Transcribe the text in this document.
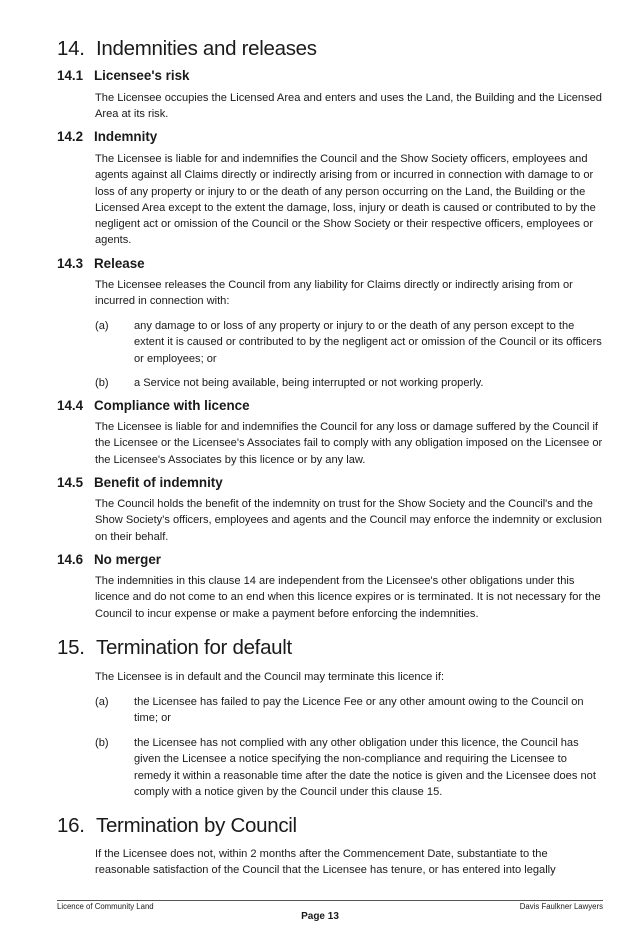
14. Indemnities and releases
14.1 Licensee's risk

The Licensee occupies the Licensed Area and enters and uses the Land, the Building and the Licensed Area at its risk.

14.2 Indemnity

The Licensee is liable for and indemnifies the Council and the Show Society officers, employees and agents against all Claims directly or indirectly arising from or incurred in connection with damage to or loss of any property or injury to or the death of any person occurring on the Land, the Building or the Licensed Area except to the extent the damage, loss, injury or death is caused or contributed to by the negligent act or omission of the Council or the Show Society or their respective officers, employees or agents.

14.3 Release

The Licensee releases the Council from any liability for Claims directly or indirectly arising from or incurred in connection with:

(a) any damage to or loss of any property or injury to or the death of any person except to the extent it is caused or contributed to by the negligent act or omission of the Council or its officers or employees; or
(b) a Service not being available, being interrupted or not working properly.
14.4 Compliance with licence

The Licensee is liable for and indemnifies the Council for any loss or damage suffered by the Council if the Licensee or the Licensee's Associates fail to comply with any obligation imposed on the Licensee or the Licensee's Associates by this licence or by any law.

14.5 Benefit of indemnity

The Council holds the benefit of the indemnity on trust for the Show Society and the Council's and the Show Society's officers, employees and agents and the Council may enforce the indemnity or exclusion on their behalf.

14.6 No merger

The indemnities in this clause 14 are independent from the Licensee's other obligations under this licence and do not come to an end when this licence expires or is terminated. It is not necessary for the Council to incur expense or make a payment before enforcing the indemnities.

15. Termination for default

The Licensee is in default and the Council may terminate this licence if:

(a) the Licensee has failed to pay the Licence Fee or any other amount owing to the Council on time; or
(b) the Licensee has not complied with any other obligation under this licence, the Council has given the Licensee a notice specifying the non-compliance and requiring the Licensee to remedy it within a reasonable time after the date the notice is given and the Licensee does not comply with a notice given by the Council under this clause 15.
16. Termination by Council

If the Licensee does not, within 2 months after the Commencement Date, substantiate to the reasonable satisfaction of the Council that the Licensee has tenure, or has entered into legally

Licence of Community Land	Davis Faulkner Lawyers
Page 13
